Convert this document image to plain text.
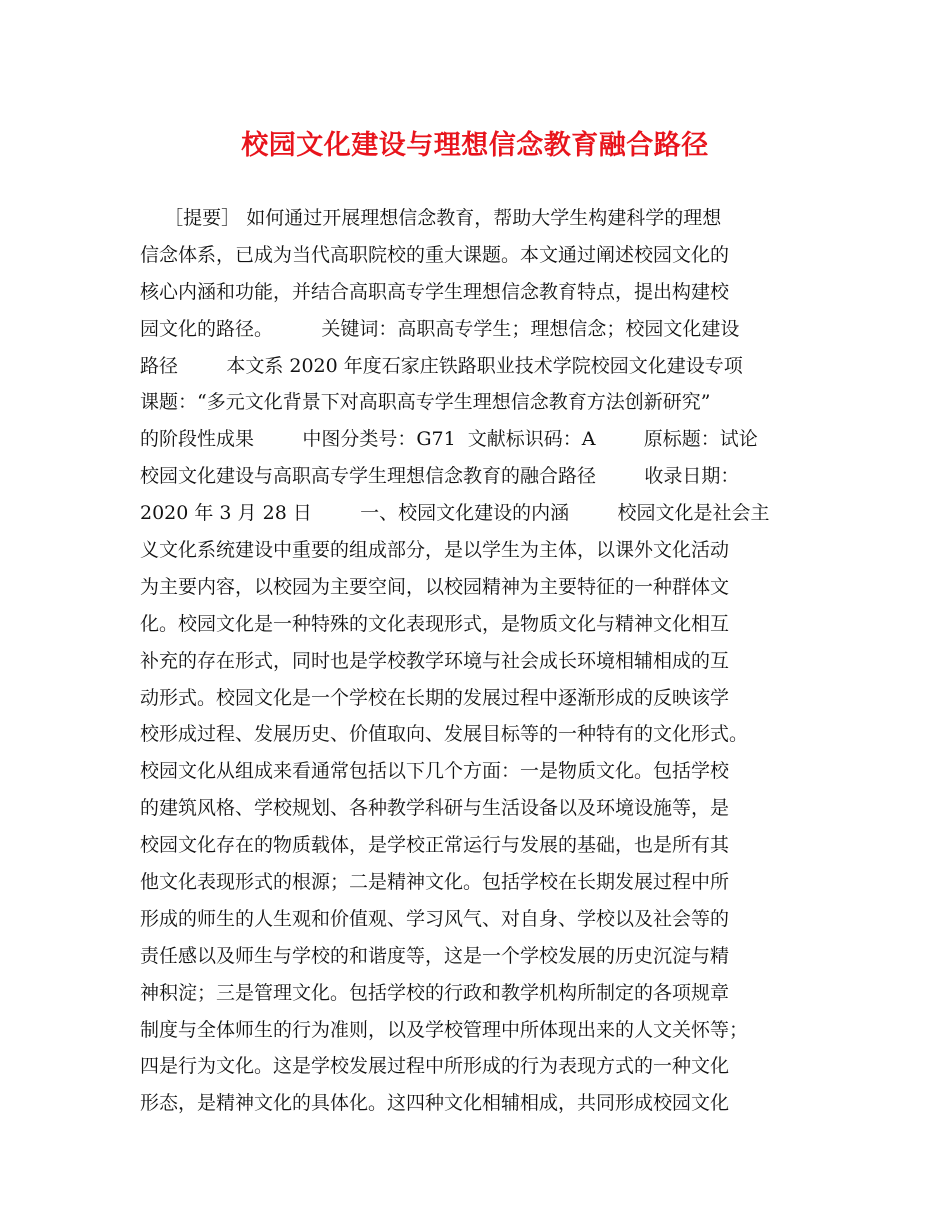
校园文化建设与理想信念教育融合路径
［提要］ 如何通过开展理想信念教育，帮助大学生构建科学的理想
信念体系，已成为当代高职院校的重大课题。本文通过阐述校园文化的
核心内涵和功能，并结合高职高专学生理想信念教育特点，提出构建校
园文化的路径。        关键词：高职高专学生；理想信念；校园文化建设
路径        本文系 2020 年度石家庄铁路职业技术学院校园文化建设专项
课题：“多元文化背景下对高职高专学生理想信念教育方法创新研究”
的阶段性成果        中图分类号：G71  文献标识码：A        原标题：试论
校园文化建设与高职高专学生理想信念教育的融合路径        收录日期：
2020 年 3 月 28 日        一、校园文化建设的内涵        校园文化是社会主
义文化系统建设中重要的组成部分，是以学生为主体，以课外文化活动
为主要内容，以校园为主要空间，以校园精神为主要特征的一种群体文
化。校园文化是一种特殊的文化表现形式，是物质文化与精神文化相互
补充的存在形式，同时也是学校教学环境与社会成长环境相辅相成的互
动形式。校园文化是一个学校在长期的发展过程中逐渐形成的反映该学
校形成过程、发展历史、价值取向、发展目标等的一种特有的文化形式。
校园文化从组成来看通常包括以下几个方面：一是物质文化。包括学校
的建筑风格、学校规划、各种教学科研与生活设备以及环境设施等，是
校园文化存在的物质载体，是学校正常运行与发展的基础，也是所有其
他文化表现形式的根源；二是精神文化。包括学校在长期发展过程中所
形成的师生的人生观和价值观、学习风气、对自身、学校以及社会等的
责任感以及师生与学校的和谐度等，这是一个学校发展的历史沉淀与精
神积淀；三是管理文化。包括学校的行政和教学机构所制定的各项规章
制度与全体师生的行为准则，以及学校管理中所体现出来的人文关怀等；
四是行为文化。这是学校发展过程中所形成的行为表现方式的一种文化
形态，是精神文化的具体化。这四种文化相辅相成，共同形成校园文化
